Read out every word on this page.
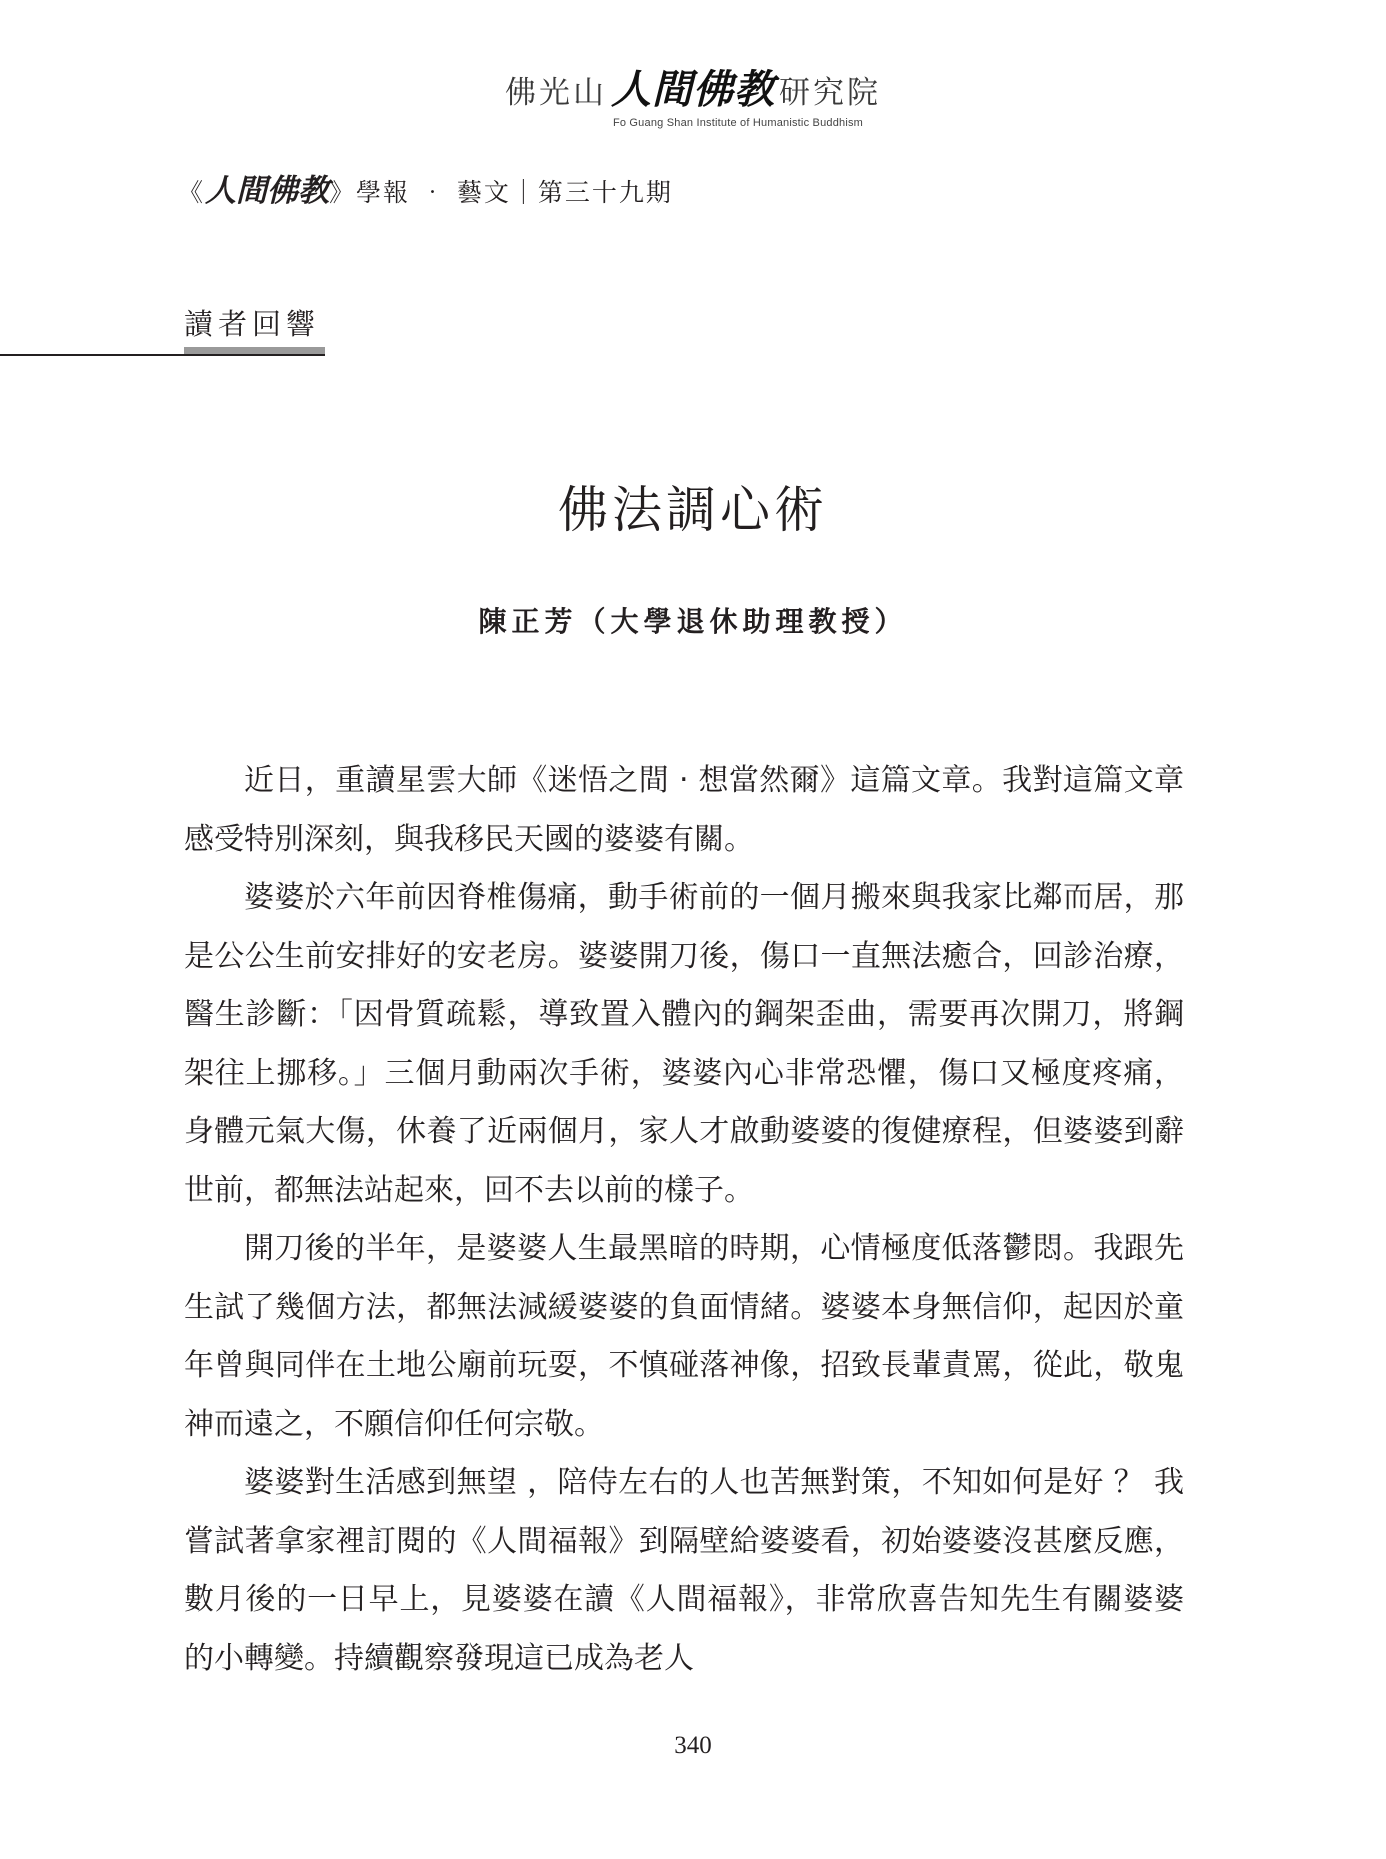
佛光山 人間佛教 研究院
Fo Guang Shan Institute of Humanistic Buddhism
《人間佛教》學報 ‧ 藝文｜第三十九期
讀者回響
佛法調心術
陳正芳（大學退休助理教授）

近日，重讀星雲大師《迷悟之間 ‧ 想當然爾》這篇文章。我對這篇文章感受特別深刻，與我移民天國的婆婆有關。

婆婆於六年前因脊椎傷痛，動手術前的一個月搬來與我家比鄰而居，那是公公生前安排好的安老房。婆婆開刀後，傷口一直無法癒合，回診治療，醫生診斷：「因骨質疏鬆，導致置入體內的鋼架歪曲，需要再次開刀，將鋼架往上挪移。」三個月動兩次手術，婆婆內心非常恐懼，傷口又極度疼痛，身體元氣大傷，休養了近兩個月，家人才啟動婆婆的復健療程，但婆婆到辭世前，都無法站起來，回不去以前的樣子。

開刀後的半年，是婆婆人生最黑暗的時期，心情極度低落鬱悶。我跟先生試了幾個方法，都無法減緩婆婆的負面情緒。婆婆本身無信仰，起因於童年曾與同伴在土地公廟前玩耍，不慎碰落神像，招致長輩責罵，從此，敬鬼神而遠之，不願信仰任何宗敬。

婆婆對生活感到無望 ，陪侍左右的人也苦無對策，不知如何是好 ？ 我嘗試著拿家裡訂閱的《人間福報》到隔壁給婆婆看，初始婆婆沒甚麼反應，數月後的一日早上，見婆婆在讀《人間福報》，非常欣喜告知先生有關婆婆的小轉變。持續觀察發現這已成為老人

340
